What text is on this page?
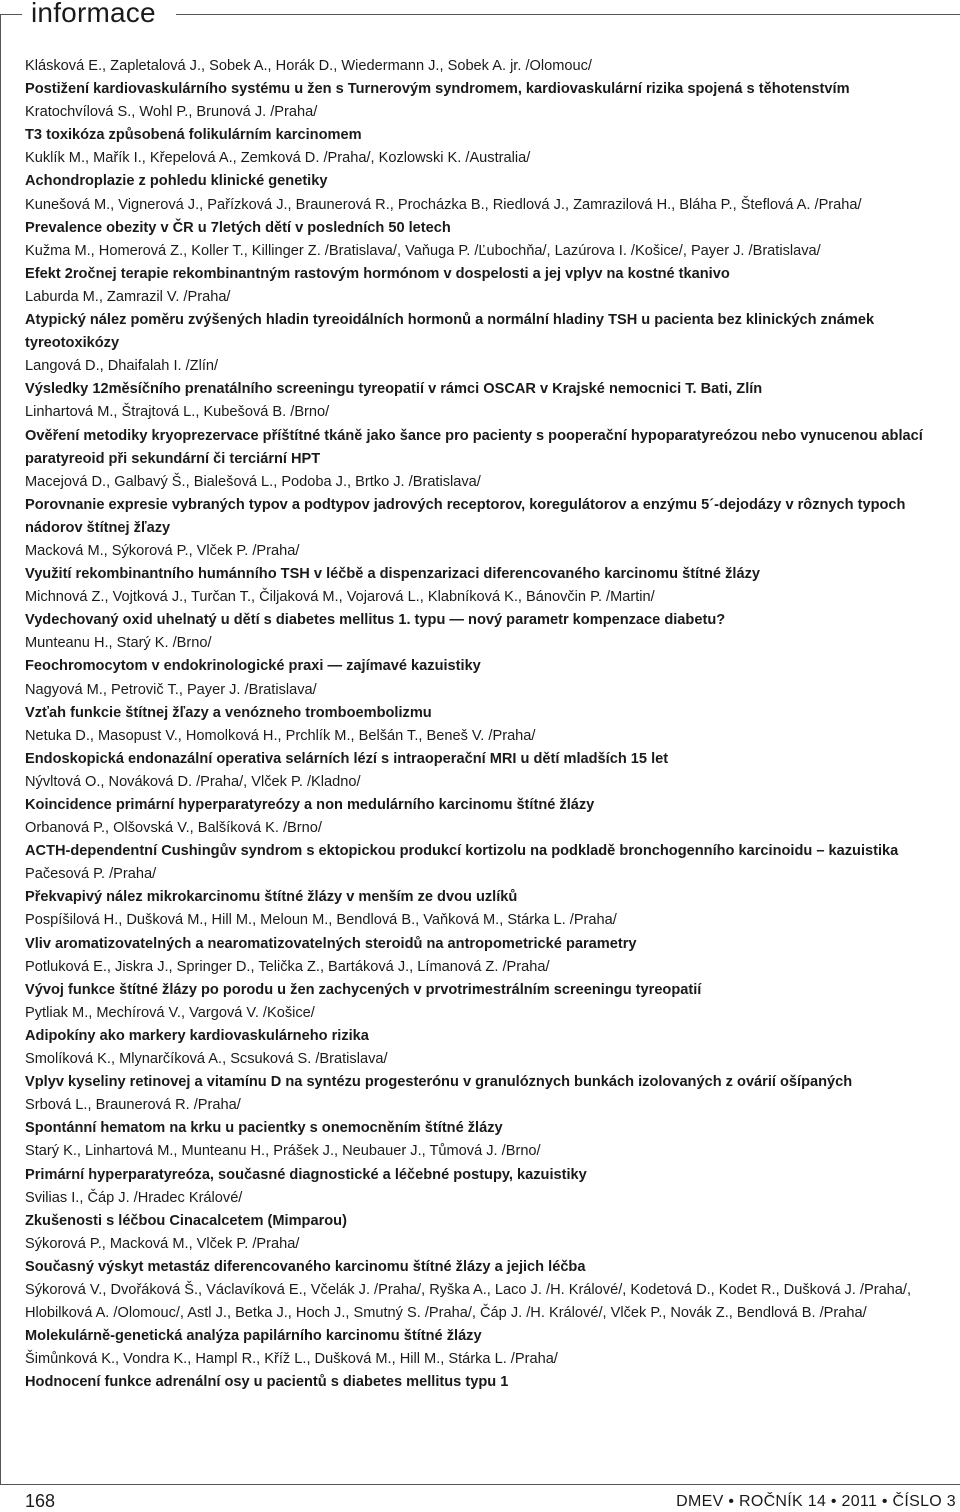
informace
Klásková E., Zapletalová J., Sobek A., Horák D., Wiedermann J., Sobek A. jr. /Olomouc/
Postižení kardiovaskulárního systému u žen s Turnerovým syndromem, kardiovaskulární rizika spojená s těhotenstvím
Kratochvílová S., Wohl P., Brunová J. /Praha/
T3 toxikóza způsobená folikulárním karcinomem
Kuklík M., Mařík I., Křepelová A., Zemková D. /Praha/, Kozlowski K. /Australia/
Achondroplazie z pohledu klinické genetiky
Kunešová M., Vignerová J., Pařízková J., Braunerová R., Procházka B., Riedlová J., Zamrazilová H., Bláha P., Šteflová A. /Praha/
Prevalence obezity v ČR u 7letých dětí v posledních 50 letech
Kužma M., Homerová Z., Koller T., Killinger Z. /Bratislava/, Vaňuga P. /Ľubochňa/, Lazúrova I. /Košice/, Payer J. /Bratislava/
Efekt 2ročnej terapie rekombinantným rastovým hormónom v dospelosti a jej vplyv na kostné tkanivo
Laburda M., Zamrazil V. /Praha/
Atypický nález poměru zvýšených hladin tyreoidálních hormonů a normální hladiny TSH u pacienta bez klinických známek tyreotoxikózy
Langová D., Dhaifalah I. /Zlín/
Výsledky 12měsíčního prenatálního screeningu tyreopatií v rámci OSCAR v Krajské nemocnici T. Bati, Zlín
Linhartová M., Štrajtová L., Kubešová B. /Brno/
Ověření metodiky kryoprezervace příštítné tkáně jako šance pro pacienty s pooperační hypoparatyreózou nebo vynucenou ablací paratyreoid při sekundární či terciární HPT
Macejová D., Galbavý Š., Bialešová L., Podoba J., Brtko J. /Bratislava/
Porovnanie expresie vybraných typov a podtypov jadrových receptorov, koregulátorov a enzýmu 5´-dejodázy v rôznych typoch nádorov štítnej žľazy
Macková M., Sýkorová P., Vlček P. /Praha/
Využití rekombinantního humánního TSH v léčbě a dispenzarizaci diferencovaného karcinomu štítné žlázy
Michnová Z., Vojtková J., Turčan T., Čiljaková M., Vojarová L., Klabníková K., Bánovčin P. /Martin/
Vydechovaný oxid uhelnatý u dětí s diabetes mellitus 1. typu — nový parametr kompenzace diabetu?
Munteanu H., Starý K. /Brno/
Feochromocytom v endokrinologické praxi — zajímavé kazuistiky
Nagyová M., Petrovič T., Payer J. /Bratislava/
Vzťah funkcie štítnej žľazy a venózneho tromboembolizmu
Netuka D., Masopust V., Homolková H., Prchlík M., Belšán T., Beneš V. /Praha/
Endoskopická endonazální operativa selárních lézí s intraoperační MRI u dětí mladších 15 let
Nývltová O., Nováková D. /Praha/, Vlček P. /Kladno/
Koincidence primární hyperparatyreózy a non medulárního karcinomu štítné žlázy
Orbanová P., Olšovská V., Balšíková K. /Brno/
ACTH-dependentní Cushingův syndrom s ektopickou produkcí kortizolu na podkladě bronchogenního karcinoidu – kazuistika
Pačesová P. /Praha/
Překvapivý nález mikrokarcinomu štítné žlázy v menším ze dvou uzlíků
Pospíšilová H., Dušková M., Hill M., Meloun M., Bendlová B., Vaňková M., Stárka L. /Praha/
Vliv aromatizovatelných a nearomatizovatelných steroidů na antropometrické parametry
Potluková E., Jiskra J., Springer D., Telička Z., Bartáková J., Límanová Z. /Praha/
Vývoj funkce štítné žlázy po porodu u žen zachycených v prvotrimestrálním screeningu tyreopatií
Pytliak M., Mechírová V., Vargová V. /Košice/
Adipokíny ako markery kardiovaskulárneho rizika
Smolíková K., Mlynarčíková A., Scsuková S. /Bratislava/
Vplyv kyseliny retinovej a vitamínu D na syntézu progesterónu v granulóznych bunkách izolovaných z ovárií ošípaných
Srbová L., Braunerová R. /Praha/
Spontánní hematom na krku u pacientky s onemocněním štítné žlázy
Starý K., Linhartová M., Munteanu H., Prášek J., Neubauer J., Tůmová J. /Brno/
Primární hyperparatyreóza, současné diagnostické a léčebné postupy, kazuistiky
Svilias I., Čáp J. /Hradec Králové/
Zkušenosti s léčbou Cinacalcetem (Mimparou)
Sýkorová P., Macková M., Vlček P. /Praha/
Současný výskyt metastáz diferencovaného karcinomu štítné žlázy a jejich léčba
Sýkorová V., Dvořáková Š., Václavíková E., Včelák J. /Praha/, Ryška A., Laco J. /H. Králové/, Kodetová D., Kodet R., Dušková J. /Praha/, Hlobilková A. /Olomouc/, Astl J., Betka J., Hoch J., Smutný S. /Praha/, Čáp J. /H. Králové/, Vlček P., Novák Z., Bendlová B. /Praha/
Molekulárně-genetická analýza papilárního karcinomu štítné žlázy
Šimůnková K., Vondra K., Hampl R., Kříž L., Dušková M., Hill M., Stárka L. /Praha/
Hodnocení funkce adrenální osy u pacientů s diabetes mellitus typu 1
168	DMEV • ROČNÍK 14 • 2011 • ČÍSLO 3
